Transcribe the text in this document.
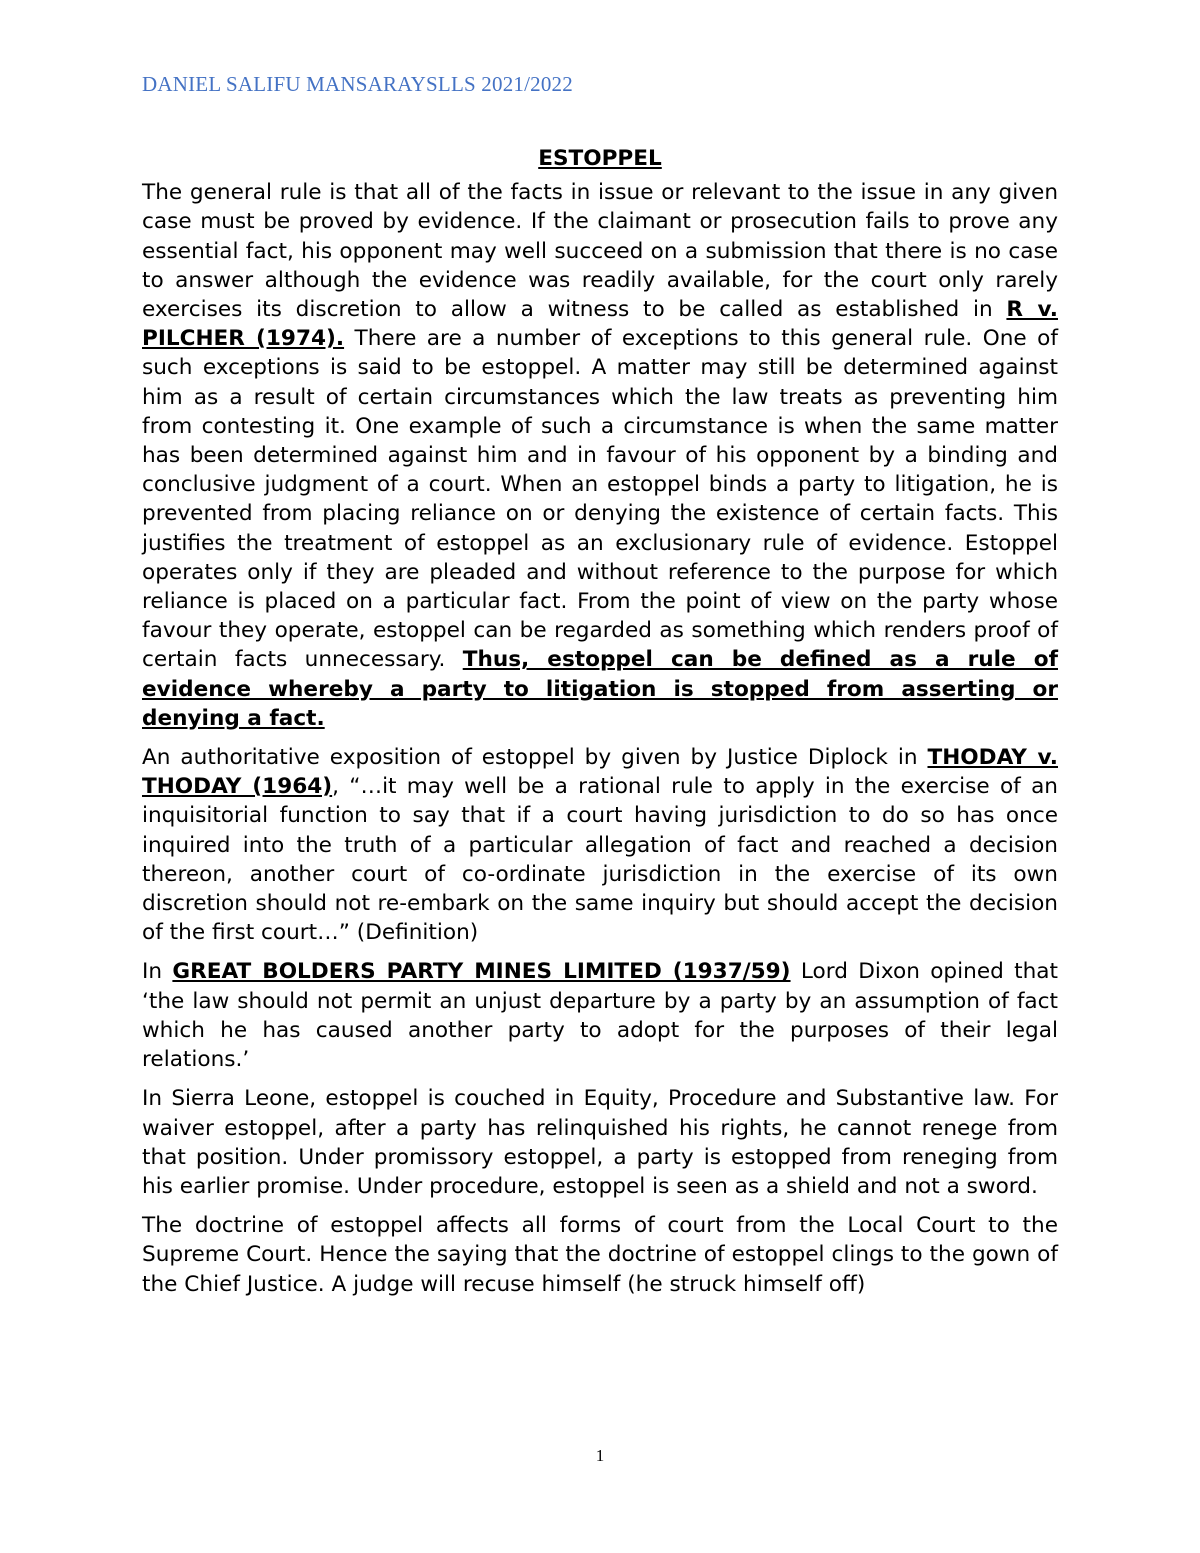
DANIEL SALIFU MANSARAYSLLS 2021/2022
ESTOPPEL

The general rule is that all of the facts in issue or relevant to the issue in any given case must be proved by evidence. If the claimant or prosecution fails to prove any essential fact, his opponent may well succeed on a submission that there is no case to answer although the evidence was readily available, for the court only rarely exercises its discretion to allow a witness to be called as established in R v. PILCHER (1974). There are a number of exceptions to this general rule. One of such exceptions is said to be estoppel. A matter may still be determined against him as a result of certain circumstances which the law treats as preventing him from contesting it. One example of such a circumstance is when the same matter has been determined against him and in favour of his opponent by a binding and conclusive judgment of a court. When an estoppel binds a party to litigation, he is prevented from placing reliance on or denying the existence of certain facts. This justifies the treatment of estoppel as an exclusionary rule of evidence. Estoppel operates only if they are pleaded and without reference to the purpose for which reliance is placed on a particular fact. From the point of view on the party whose favour they operate, estoppel can be regarded as something which renders proof of certain facts unnecessary. Thus, estoppel can be defined as a rule of evidence whereby a party to litigation is stopped from asserting or denying a fact.

An authoritative exposition of estoppel by given by Justice Diplock in THODAY v. THODAY (1964), “…it may well be a rational rule to apply in the exercise of an inquisitorial function to say that if a court having jurisdiction to do so has once inquired into the truth of a particular allegation of fact and reached a decision thereon, another court of co-ordinate jurisdiction in the exercise of its own discretion should not re-embark on the same inquiry but should accept the decision of the first court…” (Definition)

In GREAT BOLDERS PARTY MINES LIMITED (1937/59) Lord Dixon opined that ‘the law should not permit an unjust departure by a party by an assumption of fact which he has caused another party to adopt for the purposes of their legal relations.’

In Sierra Leone, estoppel is couched in Equity, Procedure and Substantive law. For waiver estoppel, after a party has relinquished his rights, he cannot renege from that position. Under promissory estoppel, a party is estopped from reneging from his earlier promise. Under procedure, estoppel is seen as a shield and not a sword.

The doctrine of estoppel affects all forms of court from the Local Court to the Supreme Court. Hence the saying that the doctrine of estoppel clings to the gown of the Chief Justice. A judge will recuse himself (he struck himself off)

1
